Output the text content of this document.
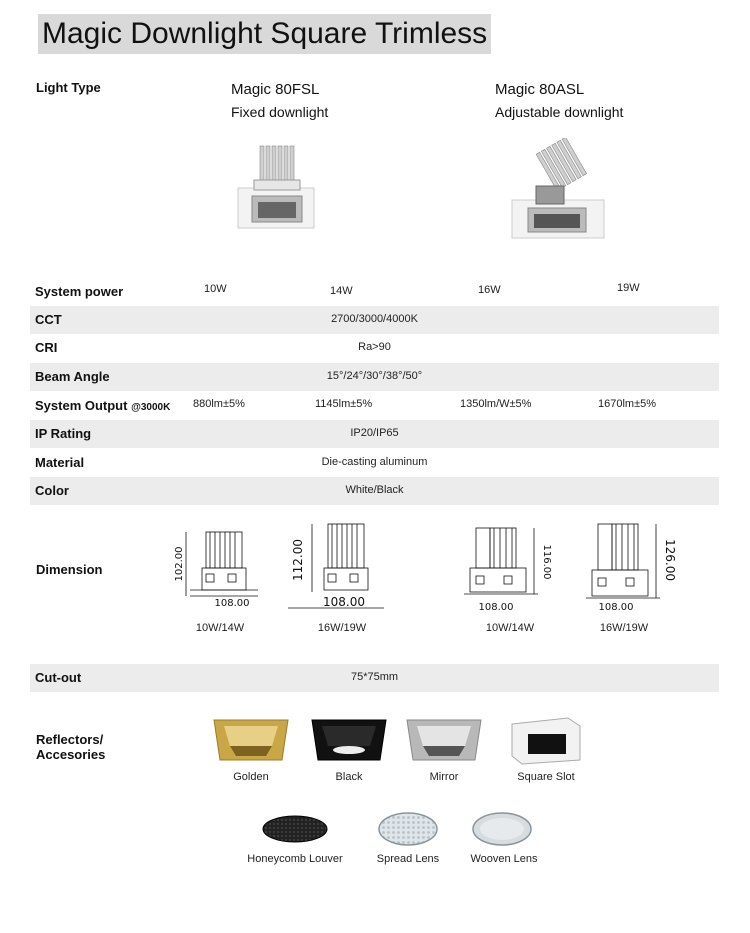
Magic Downlight Square Trimless
Light Type	Magic 80FSL
Fixed downlight
Magic 80ASL
Adjustable downlight
System power	10W	14W	16W	19W
CCT	2700/3000/4000K
CRI	Ra>90
Beam Angle	15°/24°/30°/38°/50°
System Output @3000K 880lm±5%	1145lm±5%	1350lm/W±5%	1670lm±5%
IP Rating	IP20/IP65
Material	Die-casting aluminum
Color	White/Black
Dimension	102.00
108.00
10W/14W
112.00
108.00
16W/19W
116.00
108.00
10W/14W
126.00
108.00
16W/19W
Cut-out	75*75mm
Reflectors/
Accesories
Golden	Black	Mirror	Square Slot
Honeycomb Louver	Spread Lens	Wooven Lens
